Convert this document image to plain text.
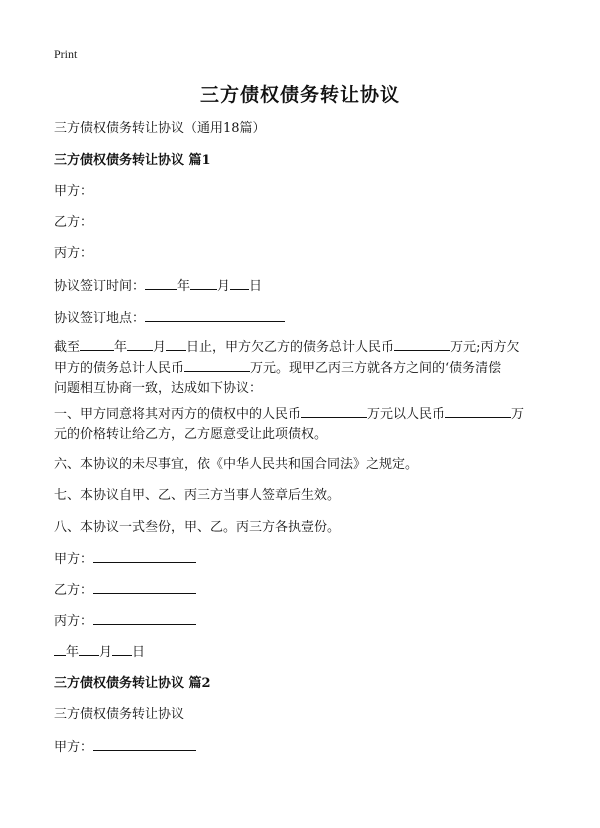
Print
三方债权债务转让协议
三方债权债务转让协议（通用18篇）
三方债权债务转让协议 篇1
甲方：
乙方：
丙方：
协议签订时间： 年 月 日
协议签订地点：
截至	年 月 日止，甲方欠乙方的债务总计人民币	万元;丙方欠
甲方的债务总计人民币	万元。现甲乙丙三方就各方之间的‘债务清偿
问题相互协商一致，达成如下协议：
一、甲方同意将其对丙方的债权中的人民币	万元以人民币	万
元的价格转让给乙方，乙方愿意受让此项债权。
六、本协议的未尽事宜，依《中华人民共和国合同法》之规定。
七、本协议自甲、乙、丙三方当事人签章后生效。
八、本协议一式叁份，甲、乙。丙三方各执壹份。
甲方：
乙方：
丙方：
年 月 日
三方债权债务转让协议 篇2
三方债权债务转让协议
甲方：
